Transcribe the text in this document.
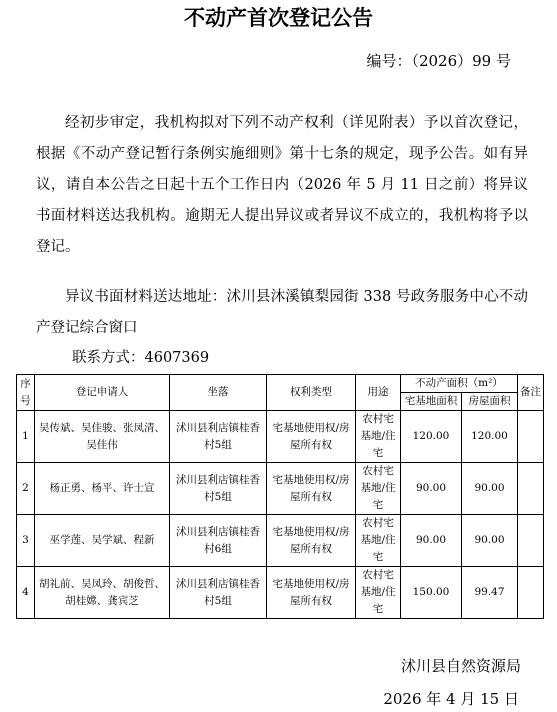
不动产首次登记公告
编号：（2026）99 号
经初步审定，我机构拟对下列不动产权利（详见附表）予以首次登记，根据《不动产登记暂行条例实施细则》第十七条的规定，现予公告。如有异议，请自本公告之日起十五个工作日内（2026 年 5 月 11 日之前）将异议书面材料送达我机构。逾期无人提出异议或者异议不成立的，我机构将予以登记。
异议书面材料送达地址：沭川县沐溪镇梨园街 338 号政务服务中心不动产登记综合窗口
联系方式：4607369
序号	登记申请人	坐落	权利类型	用途	不动产面积（m²）		备注
					宅基地面积	房屋面积	
1	吴传斌、吴佳骏、张凤清、吴佳伟	沭川县利店镇桂香村5组	宅基地使用权/房屋所有权	农村宅基地/住宅	120.00	120.00	
2	杨正勇、杨平、许士宣	沭川县利店镇桂香村5组	宅基地使用权/房屋所有权	农村宅基地/住宅	90.00	90.00	
3	巫学莲、吴学斌、程新	沭川县利店镇桂香村6组	宅基地使用权/房屋所有权	农村宅基地/住宅	90.00	90.00	
4	胡礼前、吴凤玲、胡俊哲、胡桂嫦、龚宾芝	沭川县利店镇桂香村5组	宅基地使用权/房屋所有权	农村宅基地/住宅	150.00	99.47	
沭川县自然资源局
2026 年 4 月 15 日
